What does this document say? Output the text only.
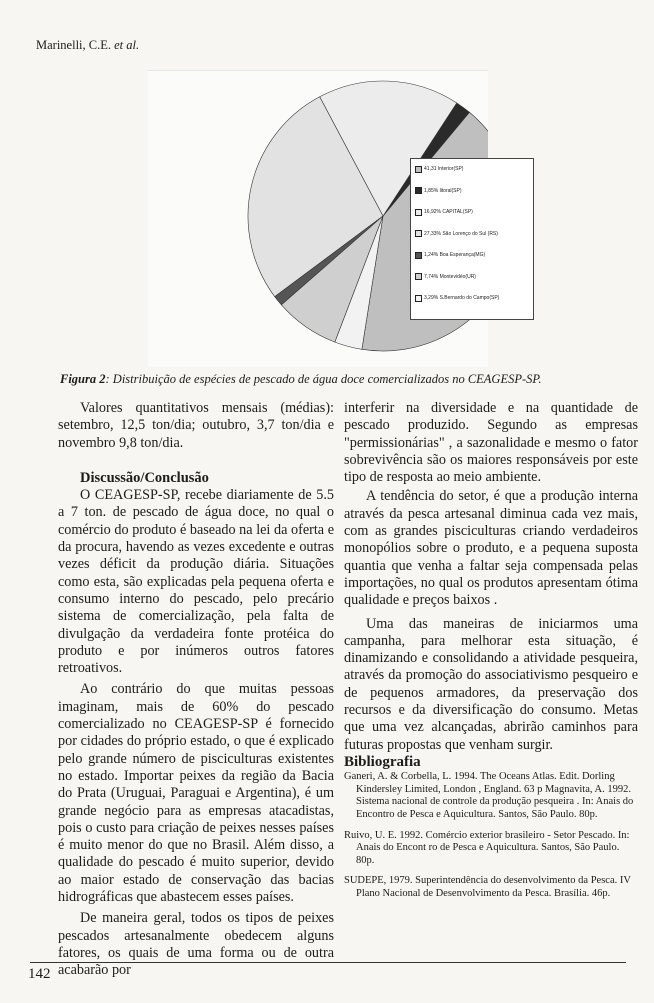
Marinelli, C.E. et al.
41,31 Interior(SP)
1,85% litoral(SP)
16,92% CAPITAL(SP)
27,33% São Lorenço do Sul (RS)
1,24% Boa Esperança(MG)
7,74% Montevidéo(UR)
3,29% S.Bernardo do Campo(SP)
Figura 2: Distribuição de espécies de pescado de água doce comercializados no CEAGESP-SP.

Valores quantitativos mensais (médias): setembro, 12,5 ton/dia; outubro, 3,7 ton/dia e novembro 9,8 ton/dia.

Discussão/Conclusão

O CEAGESP-SP, recebe diariamente de 5.5 a 7 ton. de pescado de água doce, no qual o comércio do produto é baseado na lei da oferta e da procura, havendo as vezes excedente e outras vezes déficit da produção diária. Situações como esta, são explicadas pela pequena oferta e consumo interno do pescado, pelo precário sistema de comercialização, pela falta de divulgação da verdadeira fonte protéica do produto e por inúmeros outros fatores retroativos.

Ao contrário do que muitas pessoas imaginam, mais de 60% do pescado comercializado no CEAGESP-SP é fornecido por cidades do próprio estado, o que é explicado pelo grande número de pisciculturas existentes no estado. Importar peixes da região da Bacia do Prata (Uruguai, Paraguai e Argentina), é um grande negócio para as empresas atacadistas, pois o custo para criação de peixes nesses países é muito menor do que no Brasil. Além disso, a qualidade do pescado é muito superior, devido ao maior estado de conservação das bacias hidrográficas que abastecem esses países.

De maneira geral, todos os tipos de peixes pescados artesanalmente obedecem alguns fatores, os quais de uma forma ou de outra acabarão por

interferir na diversidade e na quantidade de pescado produzido. Segundo as empresas "permissionárias" , a sazonalidade e mesmo o fator sobrevivência são os maiores responsáveis por este tipo de resposta ao meio ambiente.

A tendência do setor, é que a produção interna através da pesca artesanal diminua cada vez mais, com as grandes pisciculturas criando verdadeiros monopólios sobre o produto, e a pequena suposta quantia que venha a faltar seja compensada pelas importações, no qual os produtos apresentam ótima qualidade e preços baixos .

Uma das maneiras de iniciarmos uma campanha, para melhorar esta situação, é dinamizando e consolidando a atividade pesqueira, através da promoção do associativismo pesqueiro e de pequenos armadores, da preservação dos recursos e da diversificação do consumo. Metas que uma vez alcançadas, abrirão caminhos para futuras propostas que venham surgir.

Bibliografia

Ganeri, A. & Corbella, L. 1994. The Oceans Atlas. Edit. Dorling Kindersley Limited, London , England. 63 p Magnavita, A. 1992. Sistema nacional de controle da produção pesqueira . In: Anais do Encontro de Pesca e Aquicultura. Santos, São Paulo. 80p.

Ruivo, U. E. 1992. Comércio exterior brasileiro - Setor Pescado. In: Anais do Encont ro de Pesca e Aquicultura. Santos, São Paulo. 80p.

SUDEPE, 1979. Superintendência do desenvolvimento da Pesca. IV Plano Nacional de Desenvolvimento da Pesca. Brasília. 46p.

142
